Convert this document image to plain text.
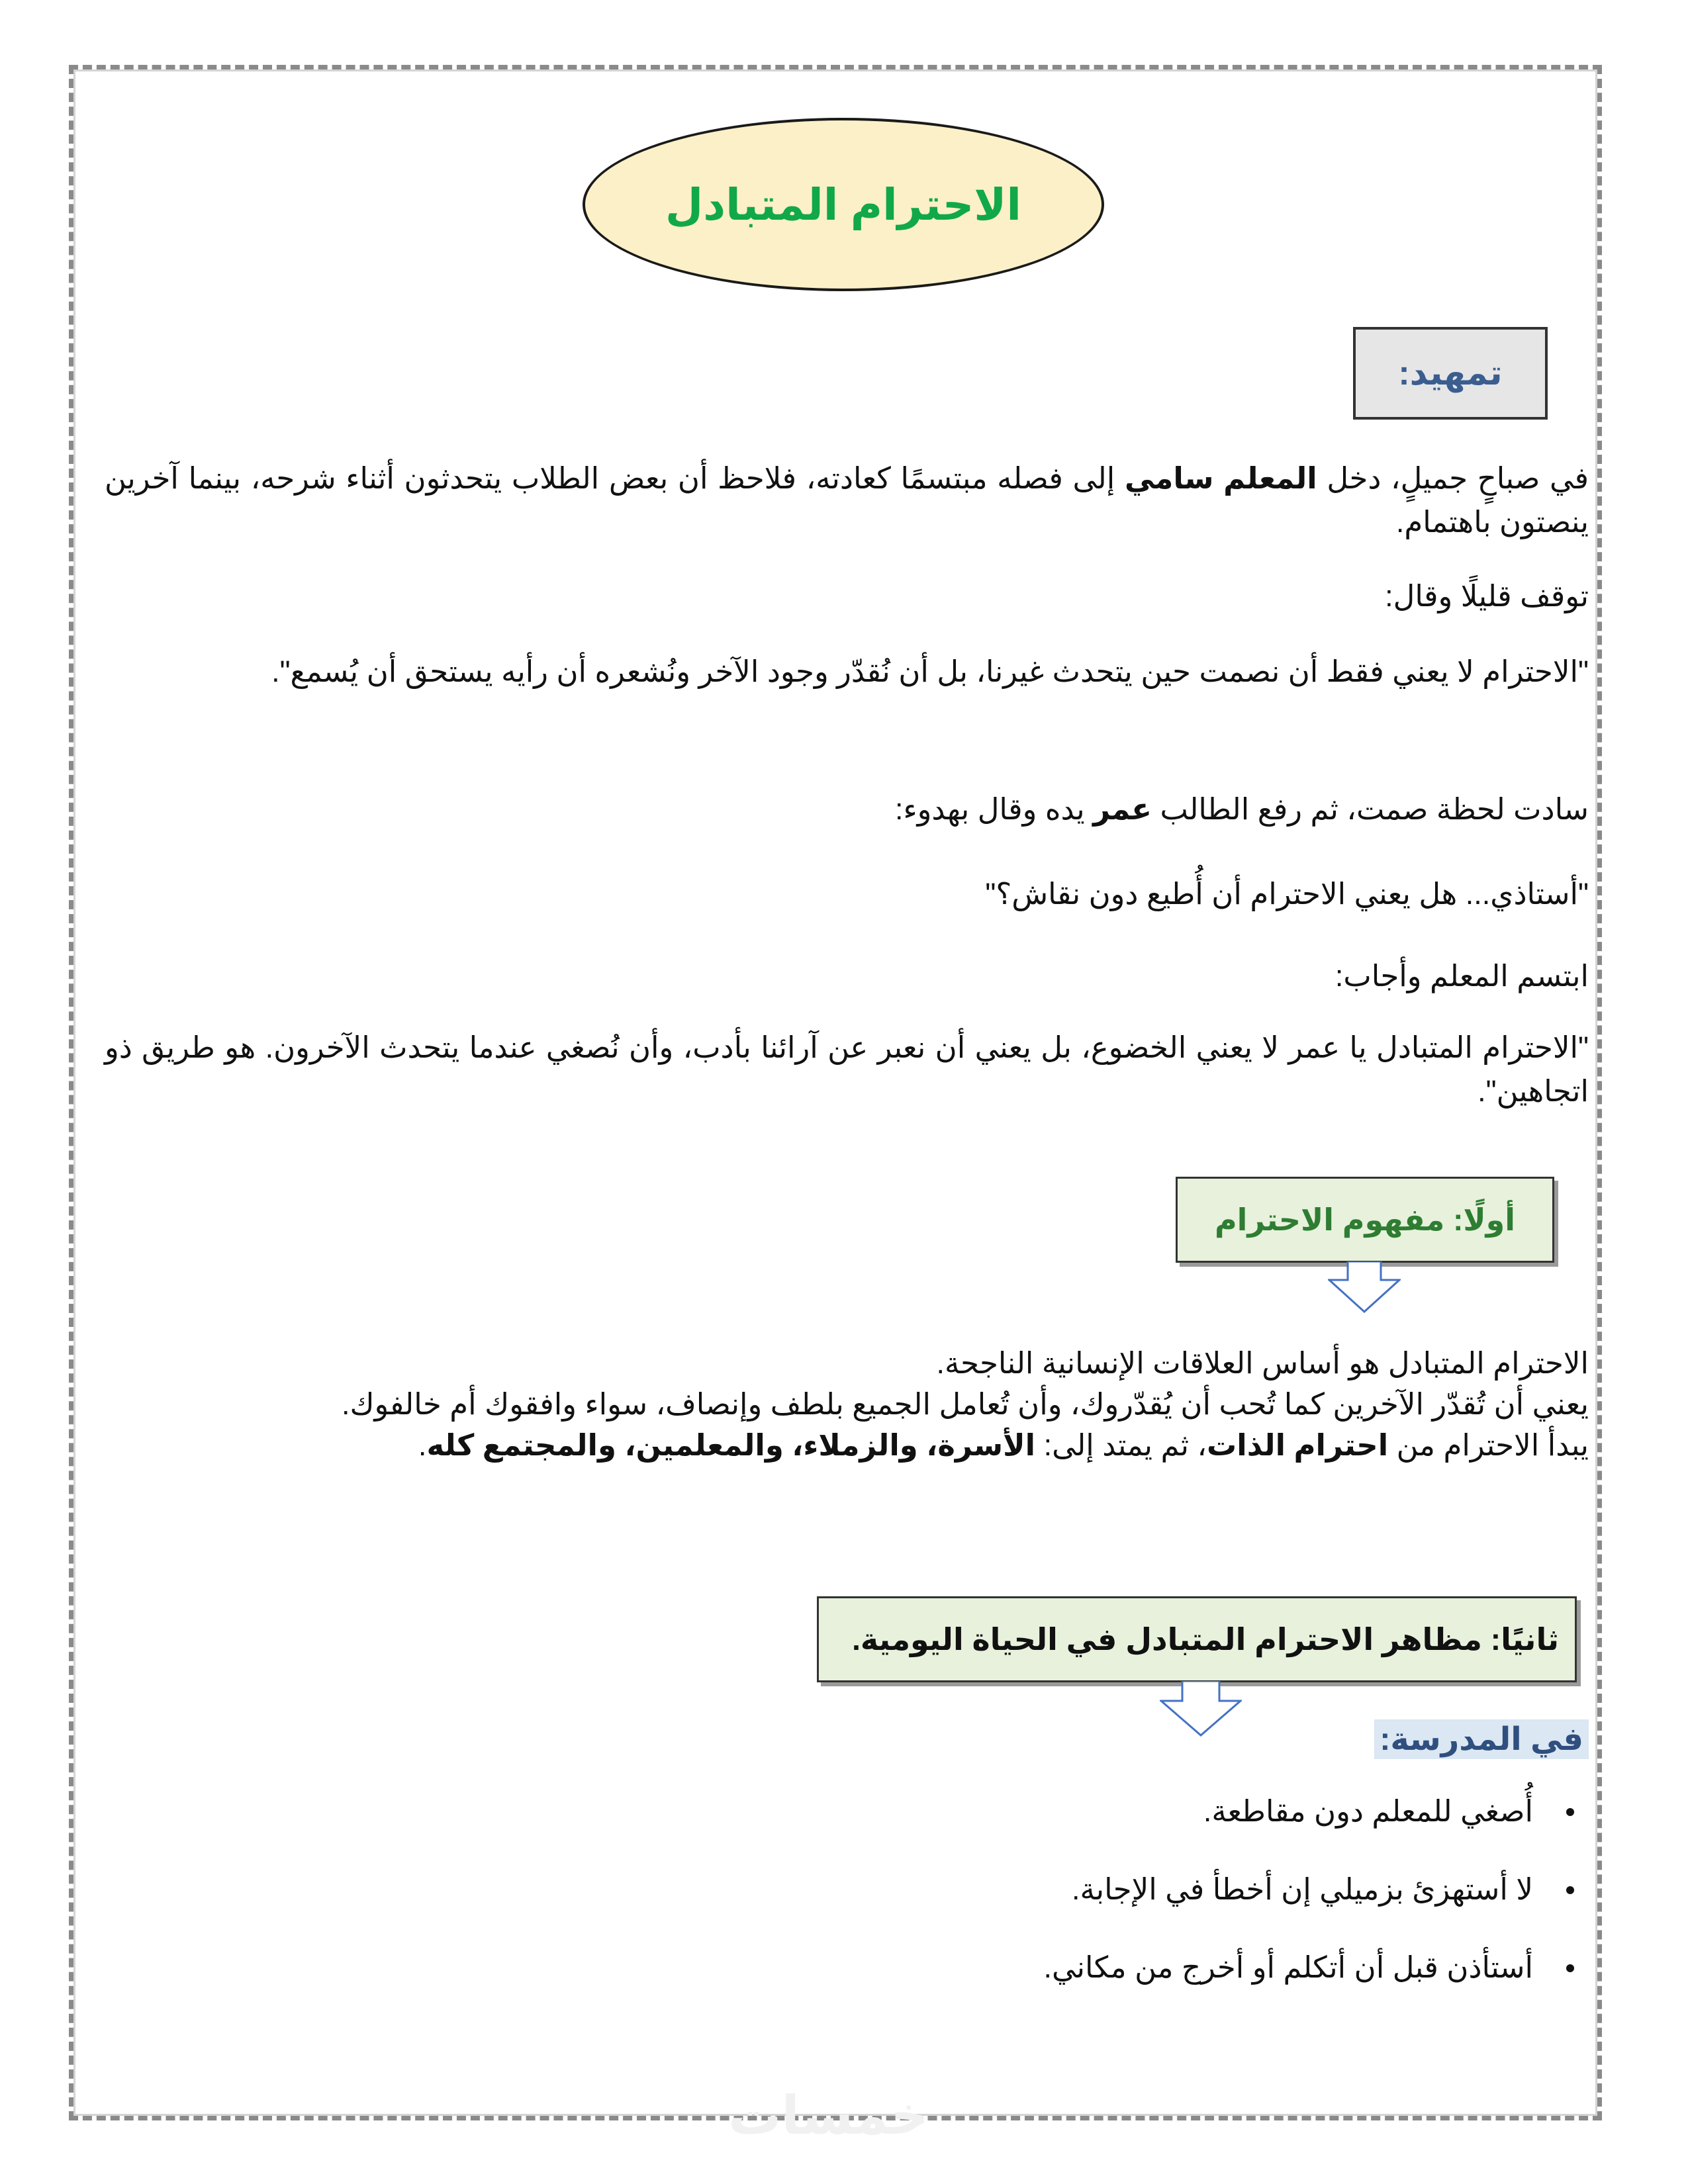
الاحترام المتبادل
تمهيد:
في صباحٍ جميلٍ، دخل المعلم سامي إلى فصله مبتسمًا كعادته، فلاحظ أن بعض الطلاب يتحدثون أثناء شرحه، بينما آخرين ينصتون باهتمام.
توقف قليلًا وقال:
"الاحترام لا يعني فقط أن نصمت حين يتحدث غيرنا، بل أن نُقدّر وجود الآخر ونُشعره أن رأيه يستحق أن يُسمع".
سادت لحظة صمت، ثم رفع الطالب عمر يده وقال بهدوء:
"أستاذي... هل يعني الاحترام أن أُطيع دون نقاش؟"
ابتسم المعلم وأجاب:
"الاحترام المتبادل يا عمر لا يعني الخضوع، بل يعني أن نعبر عن آرائنا بأدب، وأن نُصغي عندما يتحدث الآخرون. هو طريق ذو اتجاهين".
أولًا: مفهوم الاحترام
الاحترام المتبادل هو أساس العلاقات الإنسانية الناجحة.
يعني أن تُقدّر الآخرين كما تُحب أن يُقدّروك، وأن تُعامل الجميع بلطف وإنصاف، سواء وافقوك أم خالفوك.
يبدأ الاحترام من احترام الذات، ثم يمتد إلى: الأسرة، والزملاء، والمعلمين، والمجتمع كله.
ثانيًا: مظاهر الاحترام المتبادل في الحياة اليومية.
في المدرسة:
أُصغي للمعلم دون مقاطعة.
لا أستهزئ بزميلي إن أخطأ في الإجابة.
أستأذن قبل أن أتكلم أو أخرج من مكاني.
خمسات
